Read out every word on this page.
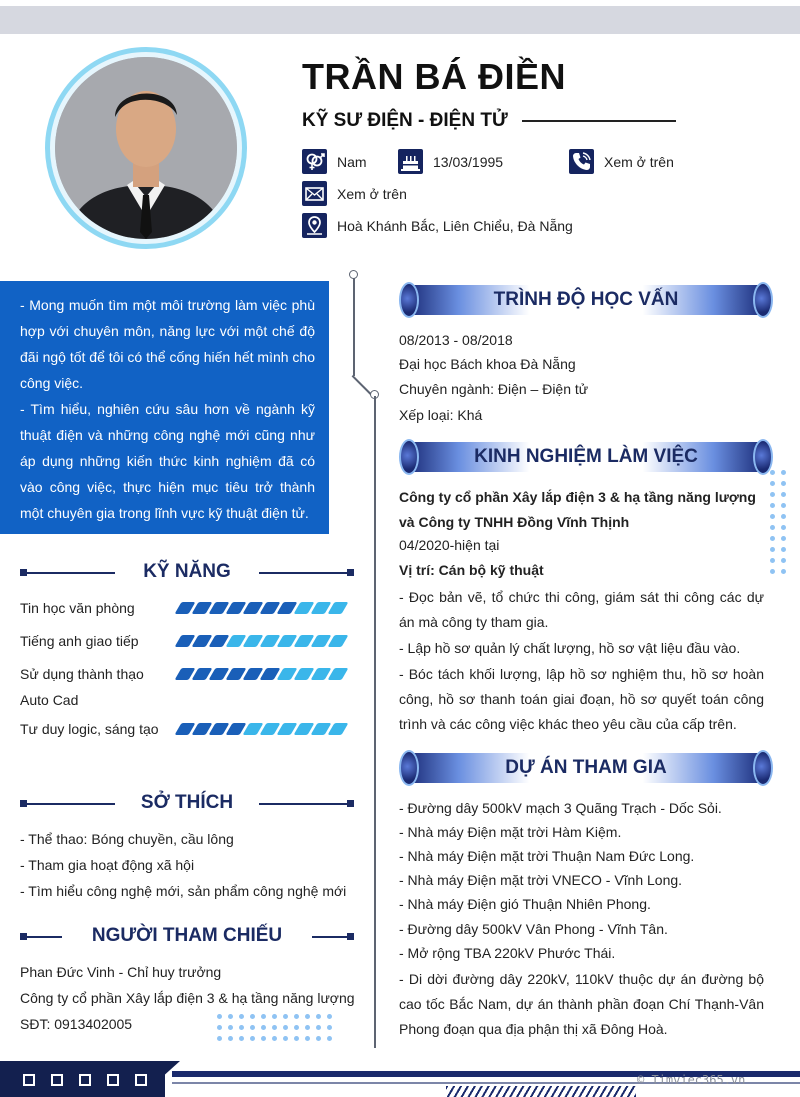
TRẦN BÁ ĐIỀN
KỸ SƯ ĐIỆN - ĐIỆN TỬ
Nam	13/03/1995	Xem ở trên
Xem ở trên
Hoà Khánh Bắc, Liên Chiểu, Đà Nẵng

- Mong muốn tìm một môi trường làm việc phù hợp với chuyên môn, năng lực với một chế độ đãi ngộ tốt để tôi có thể cống hiến hết mình cho công việc.

- Tìm hiểu, nghiên cứu sâu hơn về ngành kỹ thuật điện và những công nghệ mới cũng như áp dụng những kiến thức kinh nghiệm đã có vào công việc, thực hiện mục tiêu trở thành một chuyên gia trong lĩnh vực kỹ thuật điện tử.

KỸ NĂNG
Tin học văn phòng
Tiếng anh giao tiếp
Sử dụng thành thạo Auto Cad
Tư duy logic, sáng tạo
SỞ THÍCH
- Thể thao: Bóng chuyền, cầu lông
- Tham gia hoạt động xã hội
- Tìm hiểu công nghệ mới, sản phẩm công nghệ mới
NGƯỜI THAM CHIẾU
Phan Đức Vinh - Chỉ huy trưởng
Công ty cổ phần Xây lắp điện 3 & hạ tầng năng lượng
SĐT: 0913402005
TRÌNH ĐỘ HỌC VẤN
08/2013 - 08/2018
Đại học Bách khoa Đà Nẵng
Chuyên ngành: Điện – Điện tử
Xếp loại: Khá
KINH NGHIỆM LÀM VIỆC
Công ty cổ phần Xây lắp điện 3 & hạ tầng năng lượng và Công ty TNHH Đồng Vĩnh Thịnh
04/2020-hiện tại
Vị trí: Cán bộ kỹ thuật
- Đọc bản vẽ, tổ chức thi công, giám sát thi công các dự án mà công ty tham gia.
- Lập hồ sơ quản lý chất lượng, hồ sơ vật liệu đầu vào.
- Bóc tách khối lượng, lập hồ sơ nghiệm thu, hồ sơ hoàn công, hồ sơ thanh toán giai đoạn, hồ sơ quyết toán công trình và các công việc khác theo yêu cầu của cấp trên.
DỰ ÁN THAM GIA
- Đường dây 500kV mạch 3 Quãng Trạch - Dốc Sỏi.
- Nhà máy Điện mặt trời Hàm Kiệm.
- Nhà máy Điện mặt trời Thuận Nam Đức Long.
- Nhà máy Điện mặt trời VNECO - Vĩnh Long.
- Nhà máy Điện gió Thuận Nhiên Phong.
- Đường dây 500kV Vân Phong - Vĩnh Tân.
- Mở rộng TBA 220kV Phước Thái.
- Di dời đường dây 220kV, 110kV thuộc dự án đường bộ cao tốc Bắc Nam, dự án thành phần đoạn Chí Thạnh-Vân Phong đoạn qua địa phận thị xã Đông Hoà.
© Timviec365.vn
